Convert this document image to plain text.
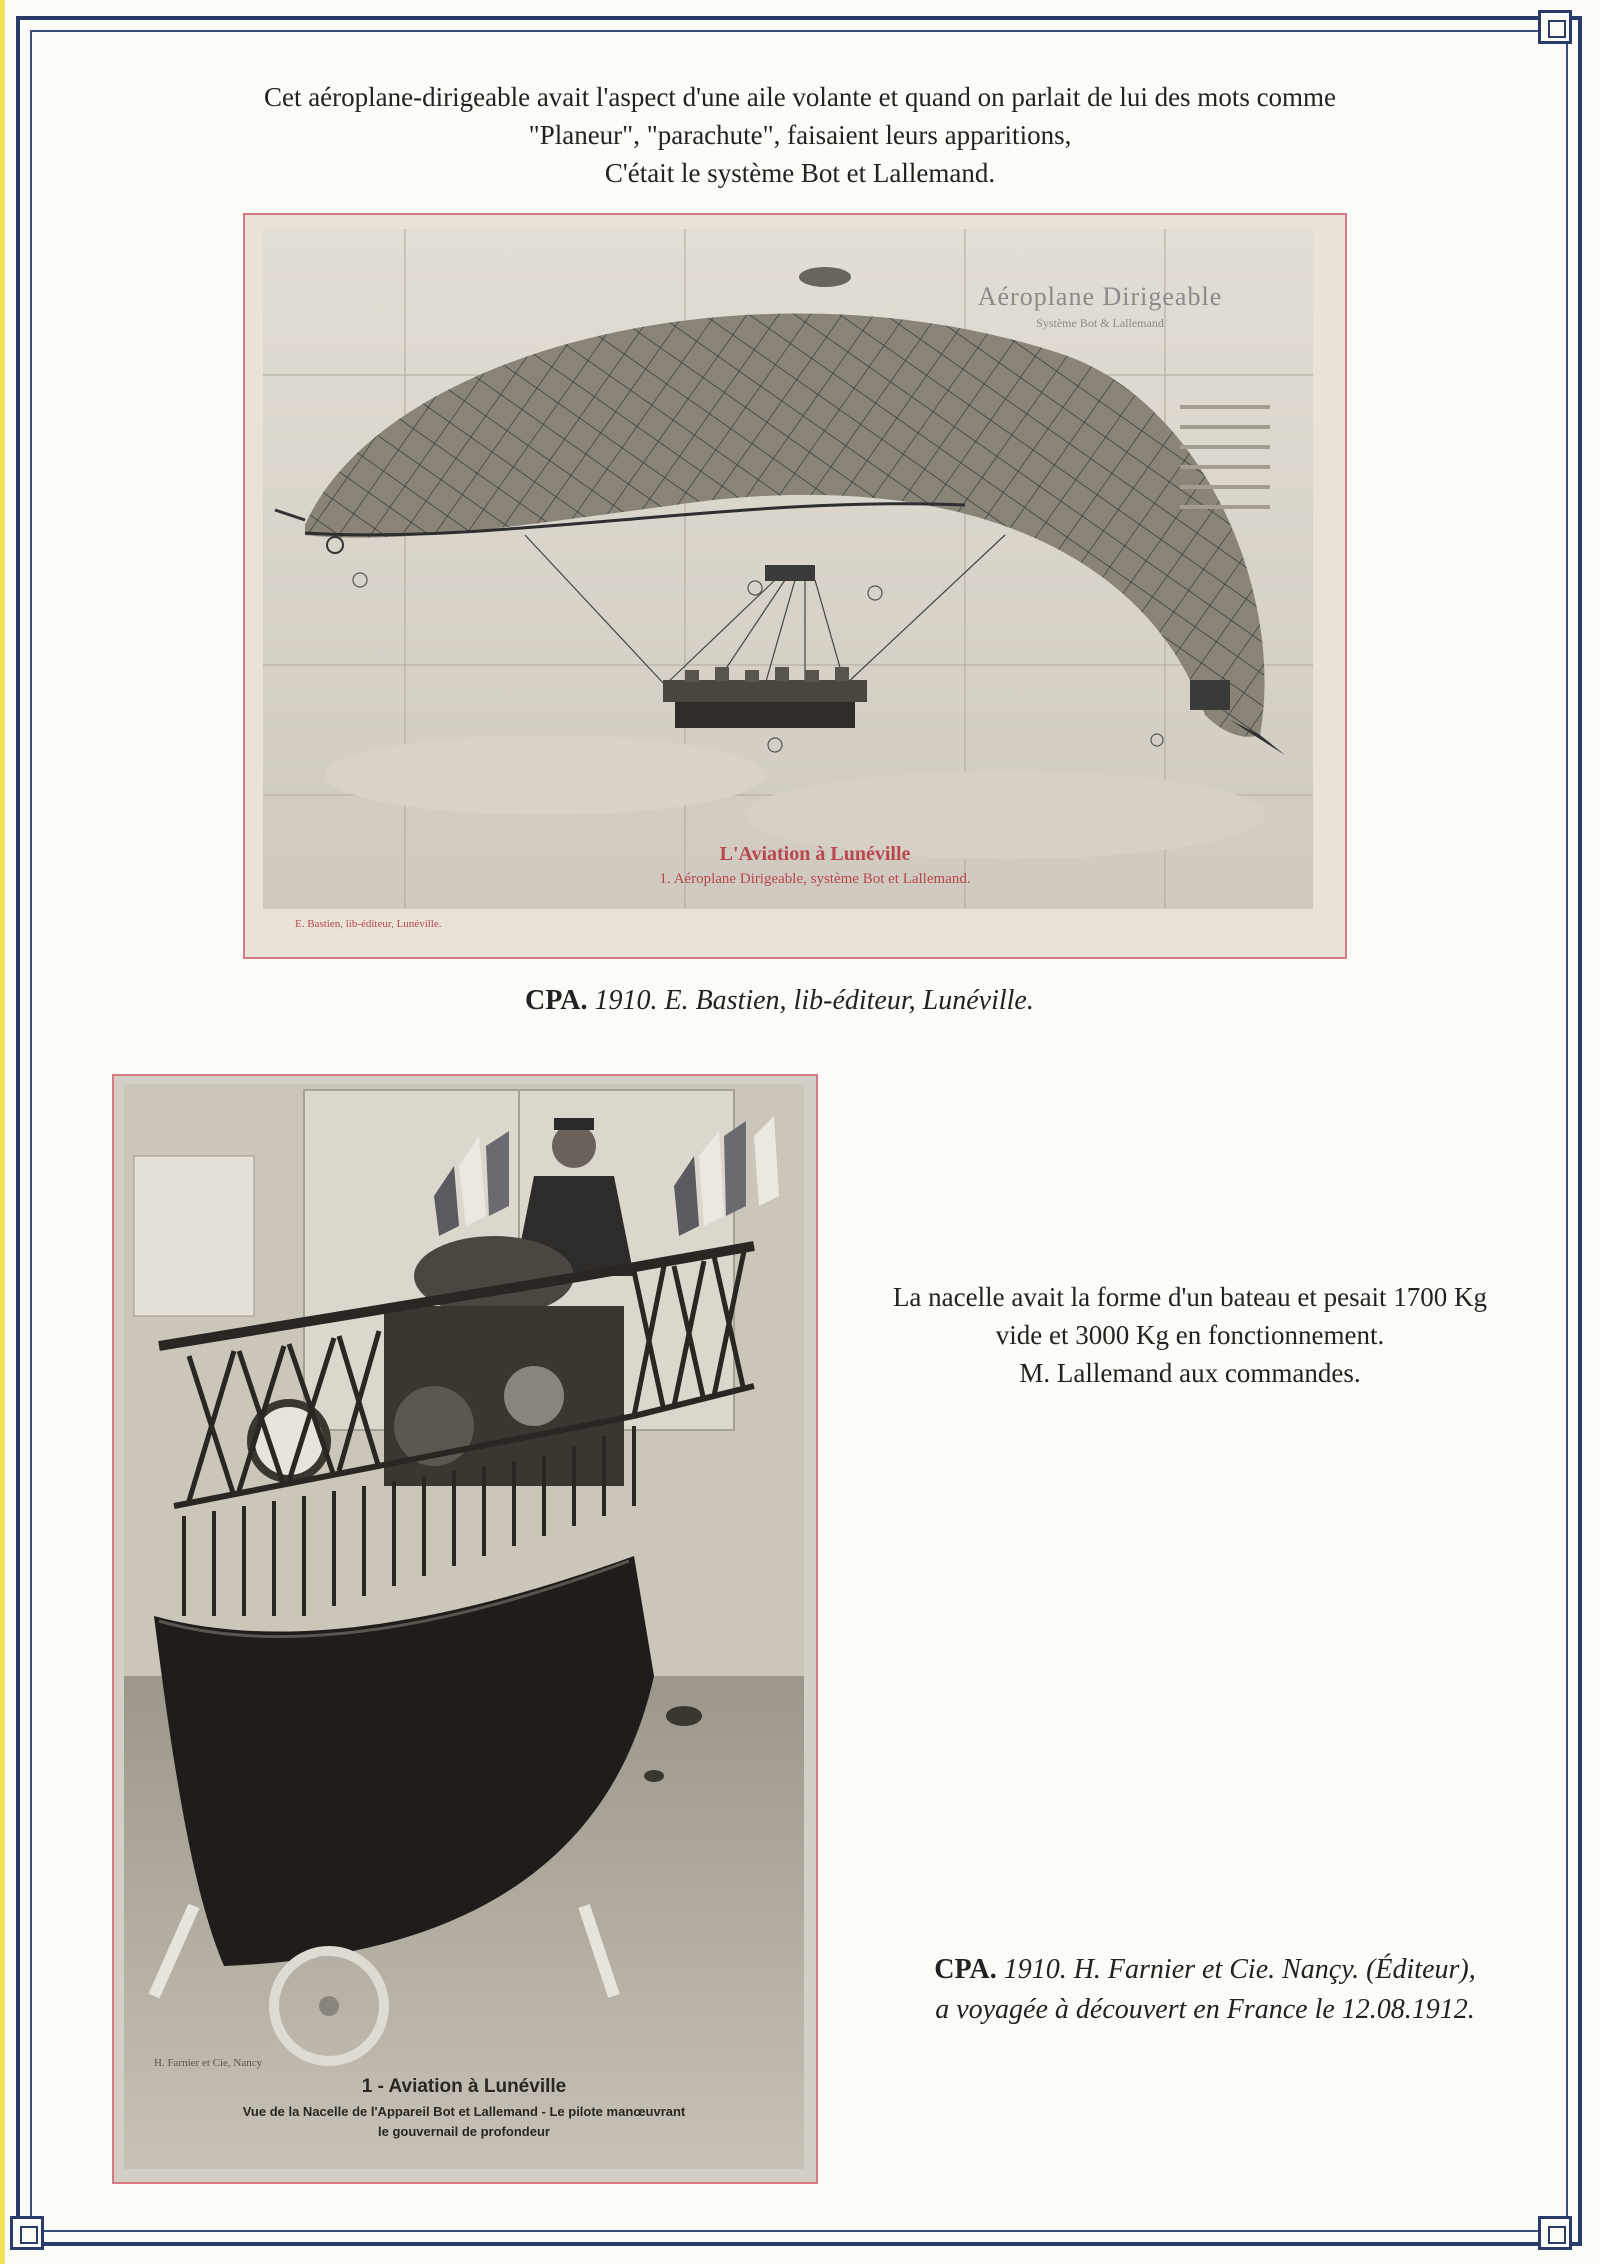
Cet aéroplane-dirigeable avait l'aspect d'une aile volante et quand on parlait de lui des mots comme
"Planeur", "parachute", faisaient leurs apparitions,
C'était le système Bot et Lallemand.
Aéroplane Dirigeable
Système Bot & Lallemand
L'Aviation à Lunéville
1. Aéroplane Dirigeable, système Bot et Lallemand.
E. Bastien, lib-éditeur, Lunéville.
CPA. 1910. E. Bastien, lib-éditeur, Lunéville.
H. Farnier et Cie, Nancy
1 - Aviation à Lunéville
Vue de la Nacelle de l'Appareil Bot et Lallemand - Le pilote manœuvrant
le gouvernail de profondeur
La nacelle avait la forme d'un bateau et pesait 1700 Kg
vide et 3000 Kg en fonctionnement.
M. Lallemand aux commandes.
CPA. 1910. H. Farnier et Cie. Nançy. (Éditeur),
a voyagée à découvert en France le 12.08.1912.
